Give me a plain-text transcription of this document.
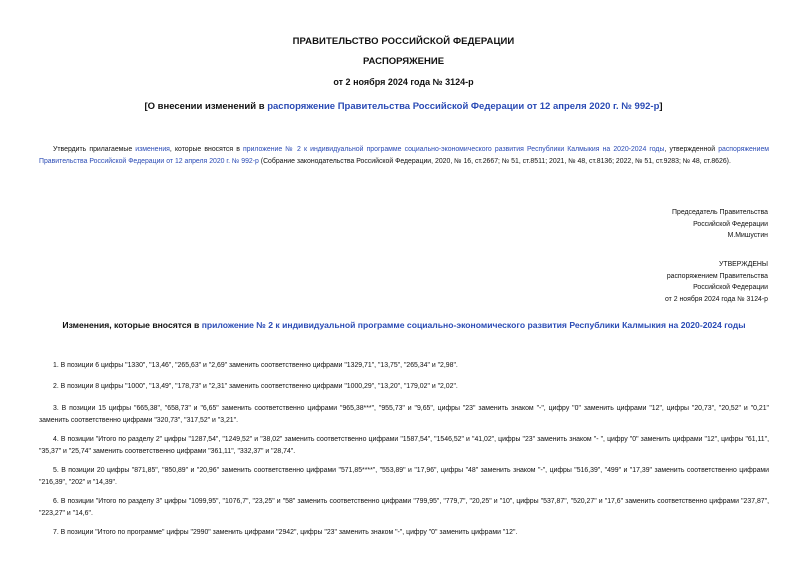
ПРАВИТЕЛЬСТВО РОССИЙСКОЙ ФЕДЕРАЦИИ
РАСПОРЯЖЕНИЕ
от 2 ноября 2024 года № 3124-р
[О внесении изменений в распоряжение Правительства Российской Федерации от 12 апреля 2020 г. № 992-р]
Утвердить прилагаемые изменения, которые вносятся в приложение № 2 к индивидуальной программе социально-экономического развития Республики Калмыкия на 2020-2024 годы, утвержденной распоряжением Правительства Российской Федерации от 12 апреля 2020 г. № 992-р (Собрание законодательства Российской Федерации, 2020, № 16, ст.2667; № 51, ст.8511; 2021, № 48, ст.8136; 2022, № 51, ст.9283; № 48, ст.8626).
Председатель Правительства
Российской Федерации
М.Мишустин
УТВЕРЖДЕНЫ
распоряжением Правительства
Российской Федерации
от 2 ноября 2024 года № 3124-р
Изменения, которые вносятся в приложение № 2 к индивидуальной программе социально-экономического развития Республики Калмыкия на 2020-2024 годы
1. В позиции 6 цифры "1330", "13,46", "265,63" и "2,69" заменить соответственно цифрами "1329,71", "13,75", "265,34" и "2,98".
2. В позиции 8 цифры "1000", "13,49", "178,73" и "2,31" заменить соответственно цифрами "1000,29", "13,20", "179,02" и "2,02".
3. В позиции 15 цифры "665,38", "658,73" и "6,65" заменить соответственно цифрами "965,38***", "955,73" и "9,65", цифры "23" заменить знаком "-", цифру "0" заменить цифрами "12", цифры "20,73", "20,52" и "0,21" заменить соответственно цифрами "320,73", "317,52" и "3,21".
4. В позиции "Итого по разделу 2" цифры "1287,54", "1249,52" и "38,02" заменить соответственно цифрами "1587,54", "1546,52" и "41,02", цифры "23" заменить знаком "- ", цифру "0" заменить цифрами "12", цифры "61,11", "35,37" и "25,74" заменить соответственно цифрами "361,11", "332,37" и "28,74".
5. В позиции 20 цифры "871,85", "850,89" и "20,96" заменить соответственно цифрами "571,85****", "553,89" и "17,96", цифры "48" заменить знаком "-", цифры "516,39", "499" и "17,39" заменить соответственно цифрами "216,39", "202" и "14,39".
6. В позиции "Итого по разделу 3" цифры "1099,95", "1076,7", "23,25" и "58" заменить соответственно цифрами "799,95", "779,7", "20,25" и "10", цифры "537,87", "520,27" и "17,6" заменить соответственно цифрами "237,87", "223,27" и "14,6".
7. В позиции "Итого по программе" цифры "2990" заменить цифрами "2942", цифры "23" заменить знаком "-", цифру "0" заменить цифрами "12".
